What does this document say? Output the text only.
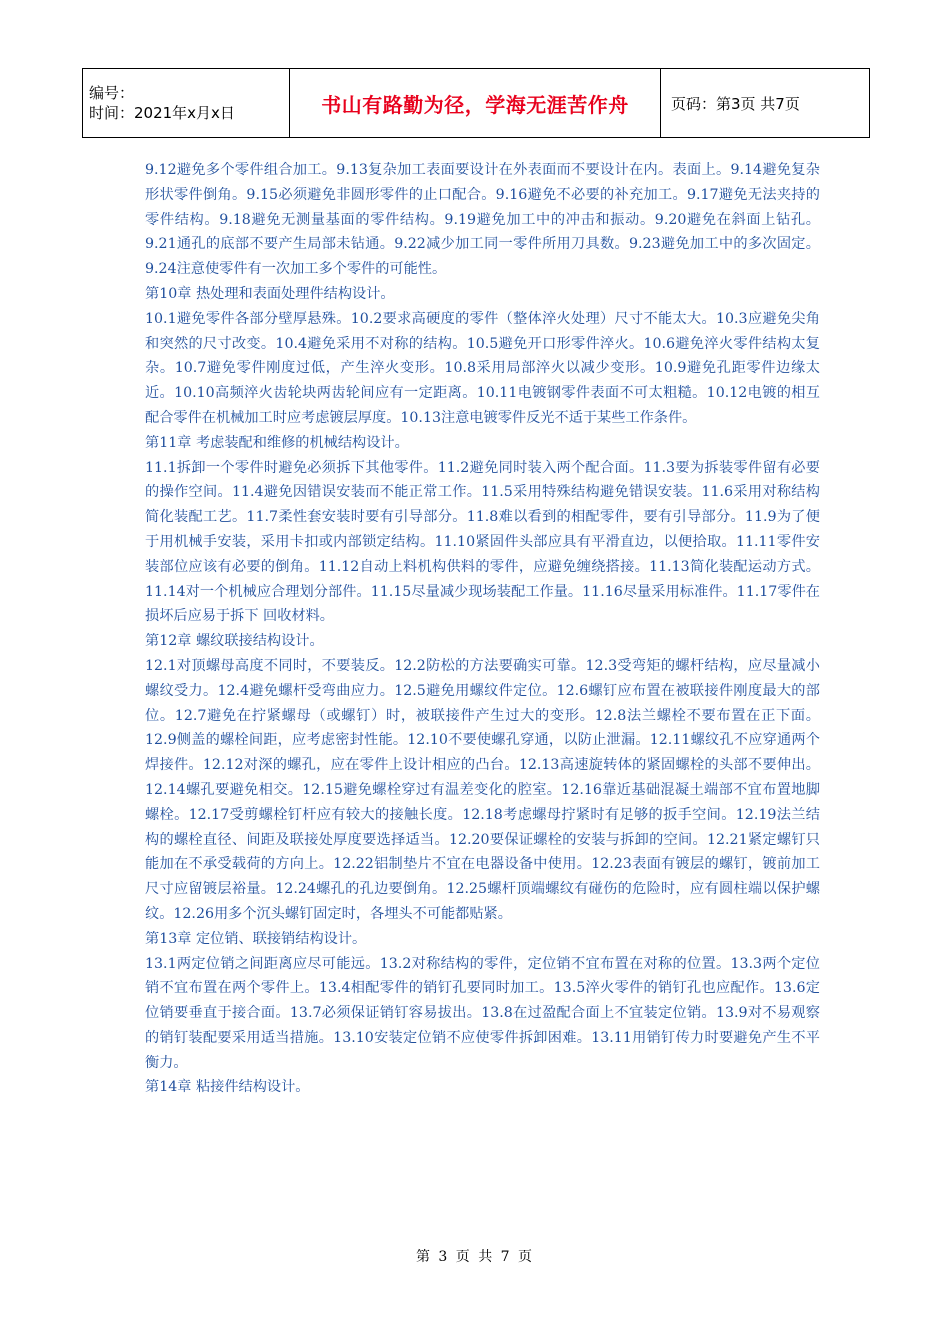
编号：
时间：2021年x月x日	书山有路勤为径，学海无涯苦作舟	页码：第3页 共7页

9.12避免多个零件组合加工。9.13复杂加工表面要设计在外表面而不要设计在内。表面上。9.14避免复杂形状零件倒角。9.15必须避免非圆形零件的止口配合。9.16避免不必要的补充加工。9.17避免无法夹持的零件结构。9.18避免无测量基面的零件结构。9.19避免加工中的冲击和振动。9.20避免在斜面上钻孔。9.21通孔的底部不要产生局部未钻通。9.22减少加工同一零件所用刀具数。9.23避免加工中的多次固定。9.24注意使零件有一次加工多个零件的可能性。

第10章 热处理和表面处理件结构设计。

10.1避免零件各部分壁厚悬殊。10.2要求高硬度的零件（整体淬火处理）尺寸不能太大。10.3应避免尖角和突然的尺寸改变。10.4避免采用不对称的结构。10.5避免开口形零件淬火。10.6避免淬火零件结构太复杂。10.7避免零件刚度过低，产生淬火变形。10.8采用局部淬火以减少变形。10.9避免孔距零件边缘太近。10.10高频淬火齿轮块两齿轮间应有一定距离。10.11电镀钢零件表面不可太粗糙。10.12电镀的相互配合零件在机械加工时应考虑镀层厚度。10.13注意电镀零件反光不适于某些工作条件。

第11章 考虑装配和维修的机械结构设计。

11.1拆卸一个零件时避免必须拆下其他零件。11.2避免同时装入两个配合面。11.3要为拆装零件留有必要的操作空间。11.4避免因错误安装而不能正常工作。11.5采用特殊结构避免错误安装。11.6采用对称结构简化装配工艺。11.7柔性套安装时要有引导部分。11.8难以看到的相配零件，要有引导部分。11.9为了便于用机械手安装，采用卡扣或内部锁定结构。11.10紧固件头部应具有平滑直边，以便拾取。11.11零件安装部位应该有必要的倒角。11.12自动上料机构供料的零件，应避免缠绕搭接。11.13简化装配运动方式。11.14对一个机械应合理划分部件。11.15尽量减少现场装配工作量。11.16尽量采用标准件。11.17零件在损坏后应易于拆下 回收材料。

第12章 螺纹联接结构设计。

12.1对顶螺母高度不同时，不要装反。12.2防松的方法要确实可靠。12.3受弯矩的螺杆结构，应尽量减小螺纹受力。12.4避免螺杆受弯曲应力。12.5避免用螺纹件定位。12.6螺钉应布置在被联接件刚度最大的部位。12.7避免在拧紧螺母（或螺钉）时，被联接件产生过大的变形。12.8法兰螺栓不要布置在正下面。12.9侧盖的螺栓间距，应考虑密封性能。12.10不要使螺孔穿通，以防止泄漏。12.11螺纹孔不应穿通两个焊接件。12.12对深的螺孔，应在零件上设计相应的凸台。12.13高速旋转体的紧固螺栓的头部不要伸出。12.14螺孔要避免相交。12.15避免螺栓穿过有温差变化的腔室。12.16靠近基础混凝土端部不宜布置地脚螺栓。12.17受剪螺栓钉杆应有较大的接触长度。12.18考虑螺母拧紧时有足够的扳手空间。12.19法兰结构的螺栓直径、间距及联接处厚度要选择适当。12.20要保证螺栓的安装与拆卸的空间。12.21紧定螺钉只能加在不承受载荷的方向上。12.22铝制垫片不宜在电器设备中使用。12.23表面有镀层的螺钉，镀前加工尺寸应留镀层裕量。12.24螺孔的孔边要倒角。12.25螺杆顶端螺纹有碰伤的危险时，应有圆柱端以保护螺纹。12.26用多个沉头螺钉固定时，各埋头不可能都贴紧。

第13章 定位销、联接销结构设计。

13.1两定位销之间距离应尽可能远。13.2对称结构的零件，定位销不宜布置在对称的位置。13.3两个定位销不宜布置在两个零件上。13.4相配零件的销钉孔要同时加工。13.5淬火零件的销钉孔也应配作。13.6定位销要垂直于接合面。13.7必须保证销钉容易拔出。13.8在过盈配合面上不宜装定位销。13.9对不易观察的销钉装配要采用适当措施。13.10安装定位销不应使零件拆卸困难。13.11用销钉传力时要避免产生不平衡力。

第14章 粘接件结构设计。

第 3 页 共 7 页
